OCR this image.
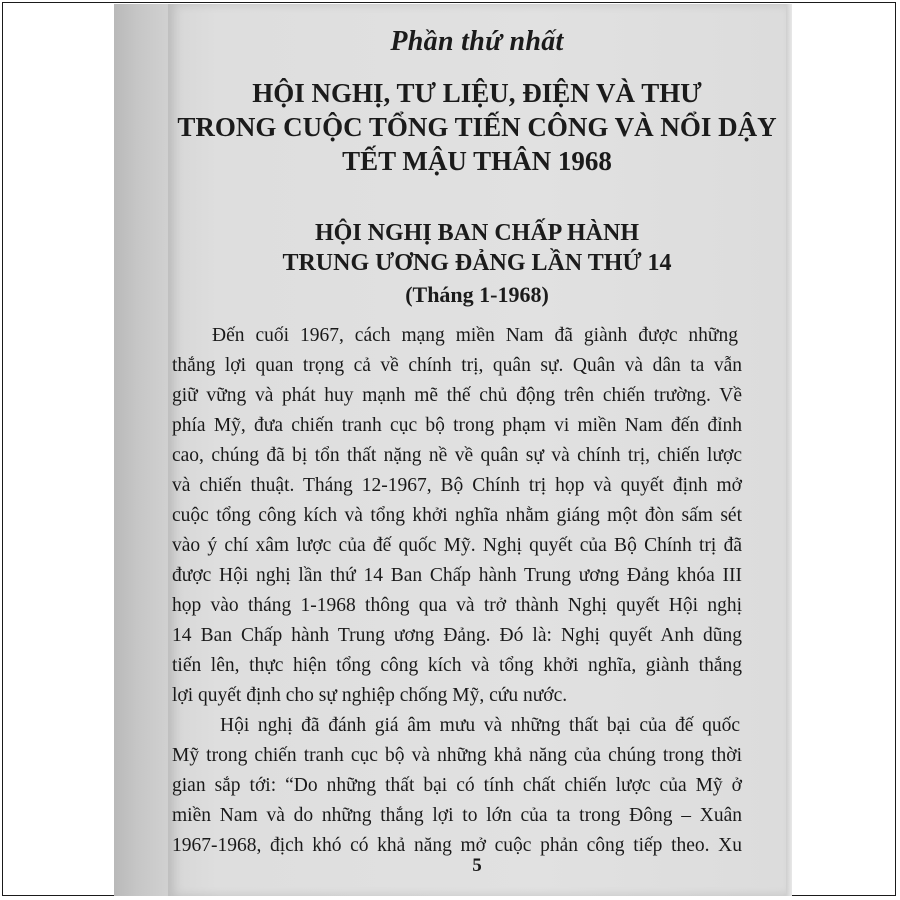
Phần thứ nhất
HỘI NGHỊ, TƯ LIỆU, ĐIỆN VÀ THƯ
TRONG CUỘC TỔNG TIẾN CÔNG VÀ NỔI DẬY
TẾT MẬU THÂN 1968
HỘI NGHỊ BAN CHẤP HÀNH
TRUNG ƯƠNG ĐẢNG LẦN THỨ 14
(Tháng 1-1968)
Đến cuối 1967, cách mạng miền Nam đã giành được những
thắng lợi quan trọng cả về chính trị, quân sự. Quân và dân ta vẫn
giữ vững và phát huy mạnh mẽ thế chủ động trên chiến trường. Về
phía Mỹ, đưa chiến tranh cục bộ trong phạm vi miền Nam đến đỉnh
cao, chúng đã bị tổn thất nặng nề về quân sự và chính trị, chiến lược
và chiến thuật. Tháng 12-1967, Bộ Chính trị họp và quyết định mở
cuộc tổng công kích và tổng khởi nghĩa nhằm giáng một đòn sấm sét
vào ý chí xâm lược của đế quốc Mỹ. Nghị quyết của Bộ Chính trị đã
được Hội nghị lần thứ 14 Ban Chấp hành Trung ương Đảng khóa III
họp vào tháng 1-1968 thông qua và trở thành Nghị quyết Hội nghị
14 Ban Chấp hành Trung ương Đảng. Đó là: Nghị quyết Anh dũng
tiến lên, thực hiện tổng công kích và tổng khởi nghĩa, giành thắng
lợi quyết định cho sự nghiệp chống Mỹ, cứu nước.
Hội nghị đã đánh giá âm mưu và những thất bại của đế quốc
Mỹ trong chiến tranh cục bộ và những khả năng của chúng trong thời
gian sắp tới: “Do những thất bại có tính chất chiến lược của Mỹ ở
miền Nam và do những thắng lợi to lớn của ta trong Đông – Xuân
1967-1968, địch khó có khả năng mở cuộc phản công tiếp theo. Xu
5
